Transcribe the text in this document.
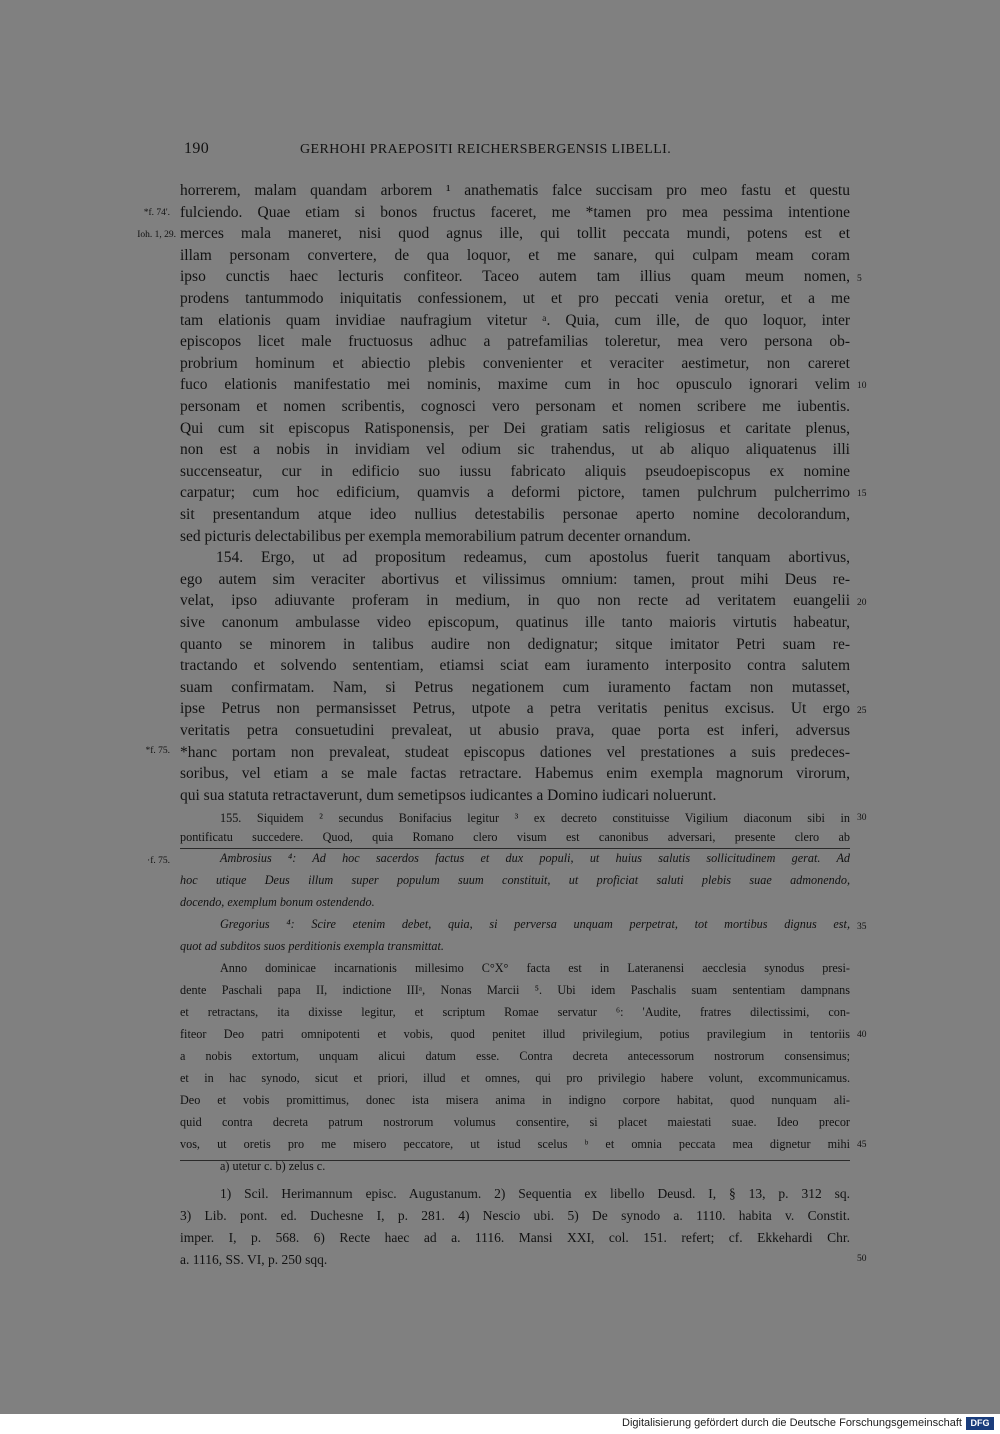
190	GERHOHI PRAEPOSITI REICHERSBERGENSIS LIBELLI.
horrerem, malam quandam arborem ¹ anathematis falce succisam pro meo fastu et questu
fulciendo. Quae etiam si bonos fructus faceret, me *tamen pro mea pessima intentione
merces mala maneret, nisi quod agnus ille, qui tollit peccata mundi, potens est et
illam personam convertere, de qua loquor, et me sanare, qui culpam meam coram
ipso cunctis haec lecturis confiteor. Taceo autem tam illius quam meum nomen,
prodens tantummodo iniquitatis confessionem, ut et pro peccati venia oretur, et a me
tam elationis quam invidiae naufragium vitetur ᵃ. Quia, cum ille, de quo loquor, inter
episcopos licet male fructuosus adhuc a patrefamilias toleretur, mea vero persona ob-
probrium hominum et abiectio plebis convenienter et veraciter aestimetur, non careret
fuco elationis manifestatio mei nominis, maxime cum in hoc opusculo ignorari velim
personam et nomen scribentis, cognosci vero personam et nomen scribere me iubentis.
Qui cum sit episcopus Ratisponensis, per Dei gratiam satis religiosus et caritate plenus,
non est a nobis in invidiam vel odium sic trahendus, ut ab aliquo aliquatenus illi
succenseatur, cur in edificio suo iussu fabricato aliquis pseudoepiscopus ex nomine
carpatur; cum hoc edificium, quamvis a deformi pictore, tamen pulchrum pulcherrimo
sit presentandum atque ideo nullius detestabilis personae aperto nomine decolorandum,
sed picturis delectabilibus per exempla memorabilium patrum decenter ornandum.
154. Ergo, ut ad propositum redeamus, cum apostolus fuerit tanquam abortivus,
ego autem sim veraciter abortivus et vilissimus omnium: tamen, prout mihi Deus re-
velat, ipso adiuvante proferam in medium, in quo non recte ad veritatem euangelii
sive canonum ambulasse video episcopum, quatinus ille tanto maioris virtutis habeatur,
quanto se minorem in talibus audire non dedignatur; sitque imitator Petri suam re-
tractando et solvendo sententiam, etiamsi sciat eam iuramento interposito contra salutem
suam confirmatam. Nam, si Petrus negationem cum iuramento factam non mutasset,
ipse Petrus non permansisset Petrus, utpote a petra veritatis penitus excisus. Ut ergo
veritatis petra consuetudini prevaleat, ut abusio prava, quae porta est inferi, adversus
*hanc portam non prevaleat, studeat episcopus dationes vel prestationes a suis predeces-
soribus, vel etiam a se male factas retractare. Habemus enim exempla magnorum virorum,
qui sua statuta retractaverunt, dum semetipsos iudicantes a Domino iudicari noluerunt.
155. Siquidem ² secundus Bonifacius legitur ³ ex decreto constituisse Vigilium diaconum sibi in
pontificatu succedere. Quod, quia Romano clero visum est canonibus adversari, presente clero ab
Ambrosius ⁴: Ad hoc sacerdos factus et dux populi, ut huius salutis sollicitudinem gerat. Ad
hoc utique Deus illum super populum suum constituit, ut proficiat saluti plebis suae admonendo,
docendo, exemplum bonum ostendendo.
Gregorius ⁴: Scire etenim debet, quia, si perversa unquam perpetrat, tot mortibus dignus est,
quot ad subditos suos perditionis exempla transmittat.
Anno dominicae incarnationis millesimo C°X° facta est in Lateranensi aecclesia synodus presi-
dente Paschali papa II, indictione IIIᵃ, Nonas Marcii ⁵. Ubi idem Paschalis suam sententiam dampnans
et retractans, ita dixisse legitur, et scriptum Romae servatur ⁶: 'Audite, fratres dilectissimi, con-
fiteor Deo patri omnipotenti et vobis, quod penitet illud privilegium, potius pravilegium in tentoriis
a nobis extortum, unquam alicui datum esse. Contra decreta antecessorum nostrorum consensimus;
et in hac synodo, sicut et priori, illud et omnes, qui pro privilegio habere volunt, excommunicamus.
Deo et vobis promittimus, donec ista misera anima in indigno corpore habitat, quod nunquam ali-
quid contra decreta patrum nostrorum volumus consentire, si placet maiestati suae. Ideo precor
vos, ut oretis pro me misero peccatore, ut istud scelus ᵇ et omnia peccata mea dignetur mihi
1) Scil. Herimannum episc. Augustanum. 2) Sequentia ex libello Deusd. I, § 13, p. 312 sq.
3) Lib. pont. ed. Duchesne I, p. 281. 4) Nescio ubi. 5) De synodo a. 1110. habita v. Constit.
imper. I, p. 568. 6) Recte haec ad a. 1116. Mansi XXI, col. 151. refert; cf. Ekkehardi Chr.
a. 1116, SS. VI, p. 250 sqq.
a) utetur c. b) zelus c.
*f. 74'.
Ioh. 1, 29.
*f. 75.
·f. 75.
5
10
15
20
25
30
35
40
45
50
Digitalisierung gefördert durch die Deutsche Forschungsgemeinschaft DFG
